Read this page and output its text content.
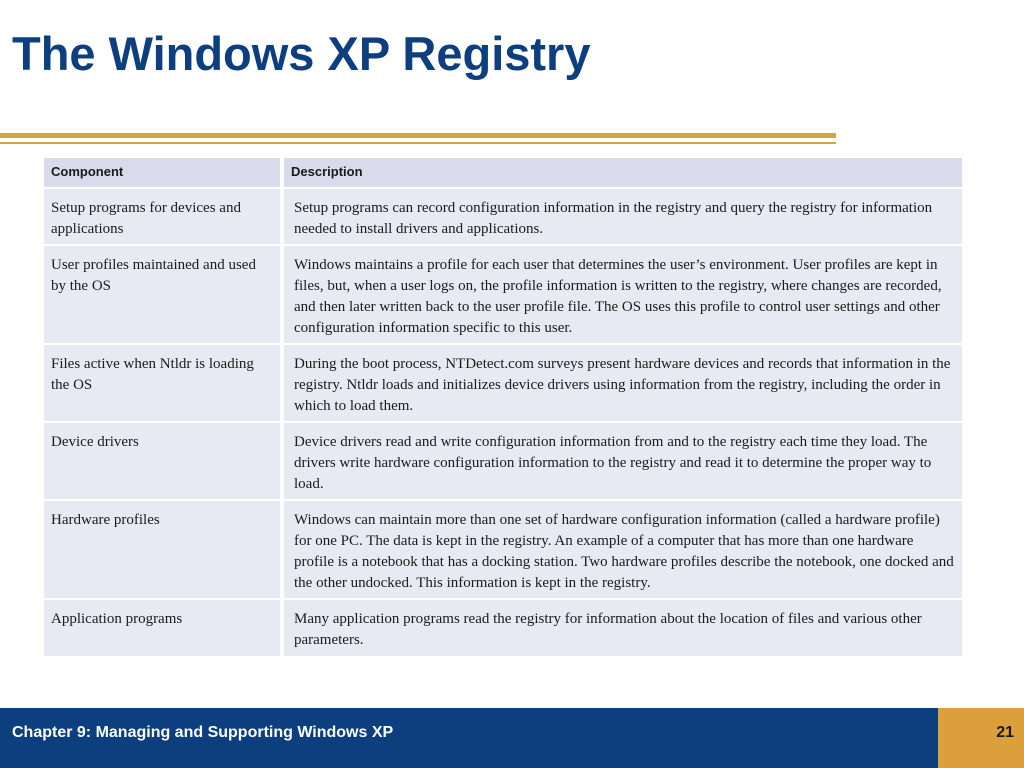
The Windows XP Registry
Component	Description
Setup programs for devices and applications	Setup programs can record configuration information in the registry and query the registry for information needed to install drivers and applications.
User profiles maintained and used by the OS	Windows maintains a profile for each user that determines the user’s environment. User profiles are kept in files, but, when a user logs on, the profile information is written to the registry, where changes are recorded, and then later written back to the user profile file. The OS uses this profile to control user settings and other configuration information specific to this user.
Files active when Ntldr is loading the OS	During the boot process, NTDetect.com surveys present hardware devices and records that information in the registry. Ntldr loads and initializes device drivers using information from the registry, including the order in which to load them.
Device drivers	Device drivers read and write configuration information from and to the registry each time they load. The drivers write hardware configuration information to the registry and read it to determine the proper way to load.
Hardware profiles	Windows can maintain more than one set of hardware configuration information (called a hardware profile) for one PC. The data is kept in the registry. An example of a computer that has more than one hardware profile is a notebook that has a docking station. Two hardware profiles describe the notebook, one docked and the other undocked. This information is kept in the registry.
Application programs	Many application programs read the registry for information about the location of files and various other parameters.
Chapter 9: Managing and Supporting Windows XP	21
